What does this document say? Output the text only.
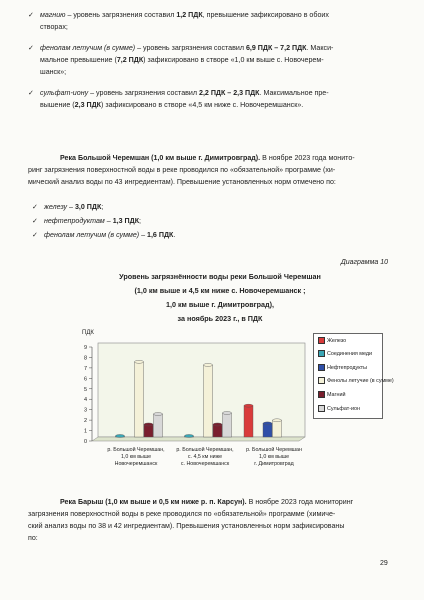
✓ магнию – уровень загрязнения составил 1,2 ПДК, превышение зафиксировано в обоих
створах;
✓ фенолам летучим (в сумме) – уровень загрязнения составил 6,9 ПДК – 7,2 ПДК. Макси-
мальное превышение (7,2 ПДК) зафиксировано в створе «1,0 км выше с. Новочерем-
шанск»;
✓ сульфат-иону – уровень загрязнения составил 2,2 ПДК – 2,3 ПДК. Максимальное пре-
вышение (2,3 ПДК) зафиксировано в створе «4,5 км ниже с. Новочеремшанск».
Река Большой Черемшан (1,0 км выше г. Димитровград). В ноябре 2023 года монито-
ринг загрязнения поверхностной воды в реке проводился по «обязательной» программе (хи-
мический анализ воды по 43 ингредиентам). Превышение установленных норм отмечено по:
✓ железу – 3,0 ПДК;
✓ нефтепродуктам – 1,3 ПДК;
✓ фенолам летучим (в сумме) – 1,6 ПДК.
Диаграмма 10
Уровень загрязнённости воды реки Большой Черемшан
(1,0 км выше и 4,5 км ниже с. Новочеремшанск ;
1,0 км выше г. Димитровград),
за ноябрь 2023 г., в ПДК
0
1
2
3
4
5
6
7
8
9
ПДК
р. Большой Черемшан,
1,0 км выше
Новочеремшанск
р. Большой Черемшан,
с. 4,5 км ниже
с. Новочеремшанск
р. Большой Черемшан
1,0 км выше
г. Димитровград
Железо
Соединения меди
Нефтепродукты
Фенолы летучие (в сумме)
Магний
Сульфат-ион
Река Барыш (1,0 км выше и 0,5 км ниже р. п. Карсун). В ноябре 2023 года мониторинг
загрязнения поверхностной воды в реке проводился по «обязательной» программе (химиче-
ский анализ воды по 38 и 42 ингредиентам). Превышения установленных норм зафиксированы
по:
29
